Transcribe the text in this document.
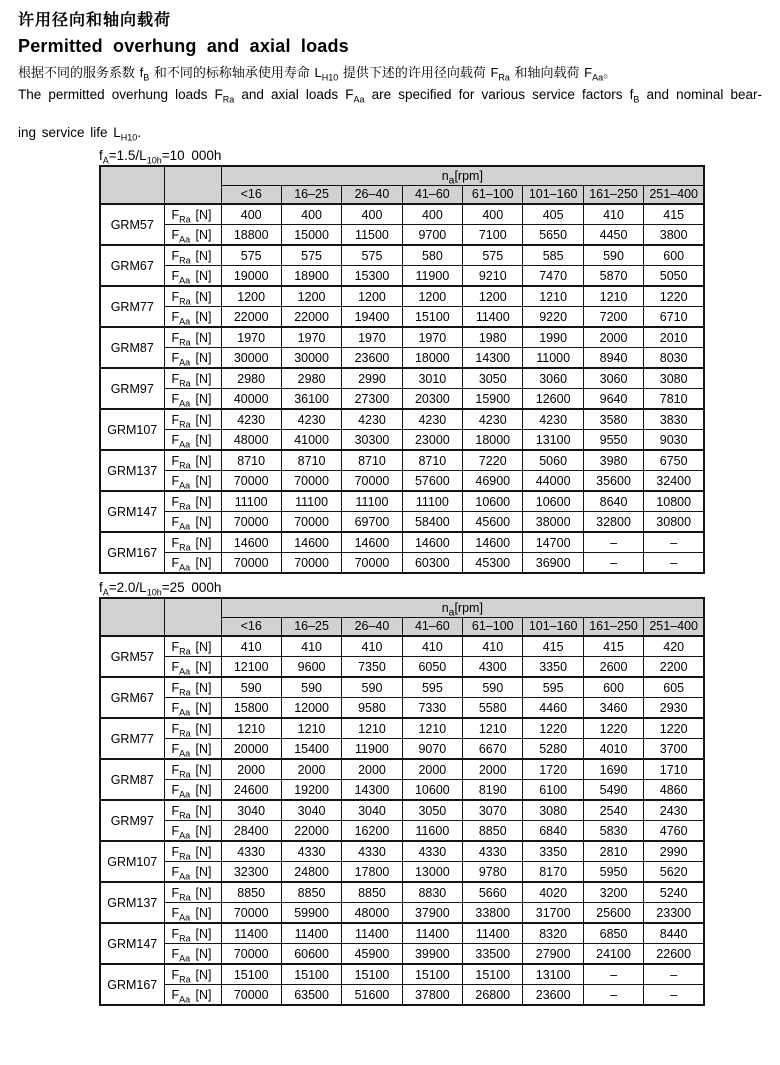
许用径向和轴向载荷
Permitted overhung and axial loads

根据不同的服务系数 $f_B$ 和不同的标称轴承使用寿命 $L_{H10}$ 提供下述的许用径向载荷 $F_{Ra}$ 和轴向载荷 $F_{Aa}$。

The permitted overhung loads $F_{Ra}$ and axial loads $F_{Aa}$ are specified for various service factors $f_B$ and nominal bear-

ing service life $L_{H10}$.

$f_A=1.5/L_{10h}=10$ 000h
		$n_a[rpm]$							
		<16	16–25	26–40	41–60	61–100	101–160	161–250	251–400
GRM57	$F_{Ra}$ [N]	400	400	400	400	400	405	410	415

	$F_{Aa}$ [N]	18800	15000	11500	9700	7100	5650	4450	3800
GRM67	$F_{Ra}$ [N]	575	575	575	580	575	585	590	600

	$F_{Aa}$ [N]	19000	18900	15300	11900	9210	7470	5870	5050
GRM77	$F_{Ra}$ [N]	1200	1200	1200	1200	1200	1210	1210	1220

	$F_{Aa}$ [N]	22000	22000	19400	15100	11400	9220	7200	6710
GRM87	$F_{Ra}$ [N]	1970	1970	1970	1970	1980	1990	2000	2010

	$F_{Aa}$ [N]	30000	30000	23600	18000	14300	11000	8940	8030
GRM97	$F_{Ra}$ [N]	2980	2980	2990	3010	3050	3060	3060	3080

	$F_{Aa}$ [N]	40000	36100	27300	20300	15900	12600	9640	7810
GRM107	$F_{Ra}$ [N]	4230	4230	4230	4230	4230	4230	3580	3830

	$F_{Aa}$ [N]	48000	41000	30300	23000	18000	13100	9550	9030
GRM137	$F_{Ra}$ [N]	8710	8710	8710	8710	7220	5060	3980	6750

	$F_{Aa}$ [N]	70000	70000	70000	57600	46900	44000	35600	32400
GRM147	$F_{Ra}$ [N]	11100	11100	11100	11100	10600	10600	8640	10800

	$F_{Aa}$ [N]	70000	70000	69700	58400	45600	38000	32800	30800
GRM167	$F_{Ra}$ [N]	14600	14600	14600	14600	14600	14700	–	–

	$F_{Aa}$ [N]	70000	70000	70000	60300	45300	36900	–	–
$f_A=2.0/L_{10h}=25$ 000h
		$n_a[rpm]$							
		<16	16–25	26–40	41–60	61–100	101–160	161–250	251–400
GRM57	$F_{Ra}$ [N]	410	410	410	410	410	415	415	420

	$F_{Aa}$ [N]	12100	9600	7350	6050	4300	3350	2600	2200
GRM67	$F_{Ra}$ [N]	590	590	590	595	590	595	600	605

	$F_{Aa}$ [N]	15800	12000	9580	7330	5580	4460	3460	2930
GRM77	$F_{Ra}$ [N]	1210	1210	1210	1210	1210	1220	1220	1220

	$F_{Aa}$ [N]	20000	15400	11900	9070	6670	5280	4010	3700
GRM87	$F_{Ra}$ [N]	2000	2000	2000	2000	2000	1720	1690	1710

	$F_{Aa}$ [N]	24600	19200	14300	10600	8190	6100	5490	4860
GRM97	$F_{Ra}$ [N]	3040	3040	3040	3050	3070	3080	2540	2430

	$F_{Aa}$ [N]	28400	22000	16200	11600	8850	6840	5830	4760
GRM107	$F_{Ra}$ [N]	4330	4330	4330	4330	4330	3350	2810	2990

	$F_{Aa}$ [N]	32300	24800	17800	13000	9780	8170	5950	5620
GRM137	$F_{Ra}$ [N]	8850	8850	8850	8830	5660	4020	3200	5240

	$F_{Aa}$ [N]	70000	59900	48000	37900	33800	31700	25600	23300
GRM147	$F_{Ra}$ [N]	11400	11400	11400	11400	11400	8320	6850	8440

	$F_{Aa}$ [N]	70000	60600	45900	39900	33500	27900	24100	22600
GRM167	$F_{Ra}$ [N]	15100	15100	15100	15100	15100	13100	–	–

	$F_{Aa}$ [N]	70000	63500	51600	37800	26800	23600	–	–
